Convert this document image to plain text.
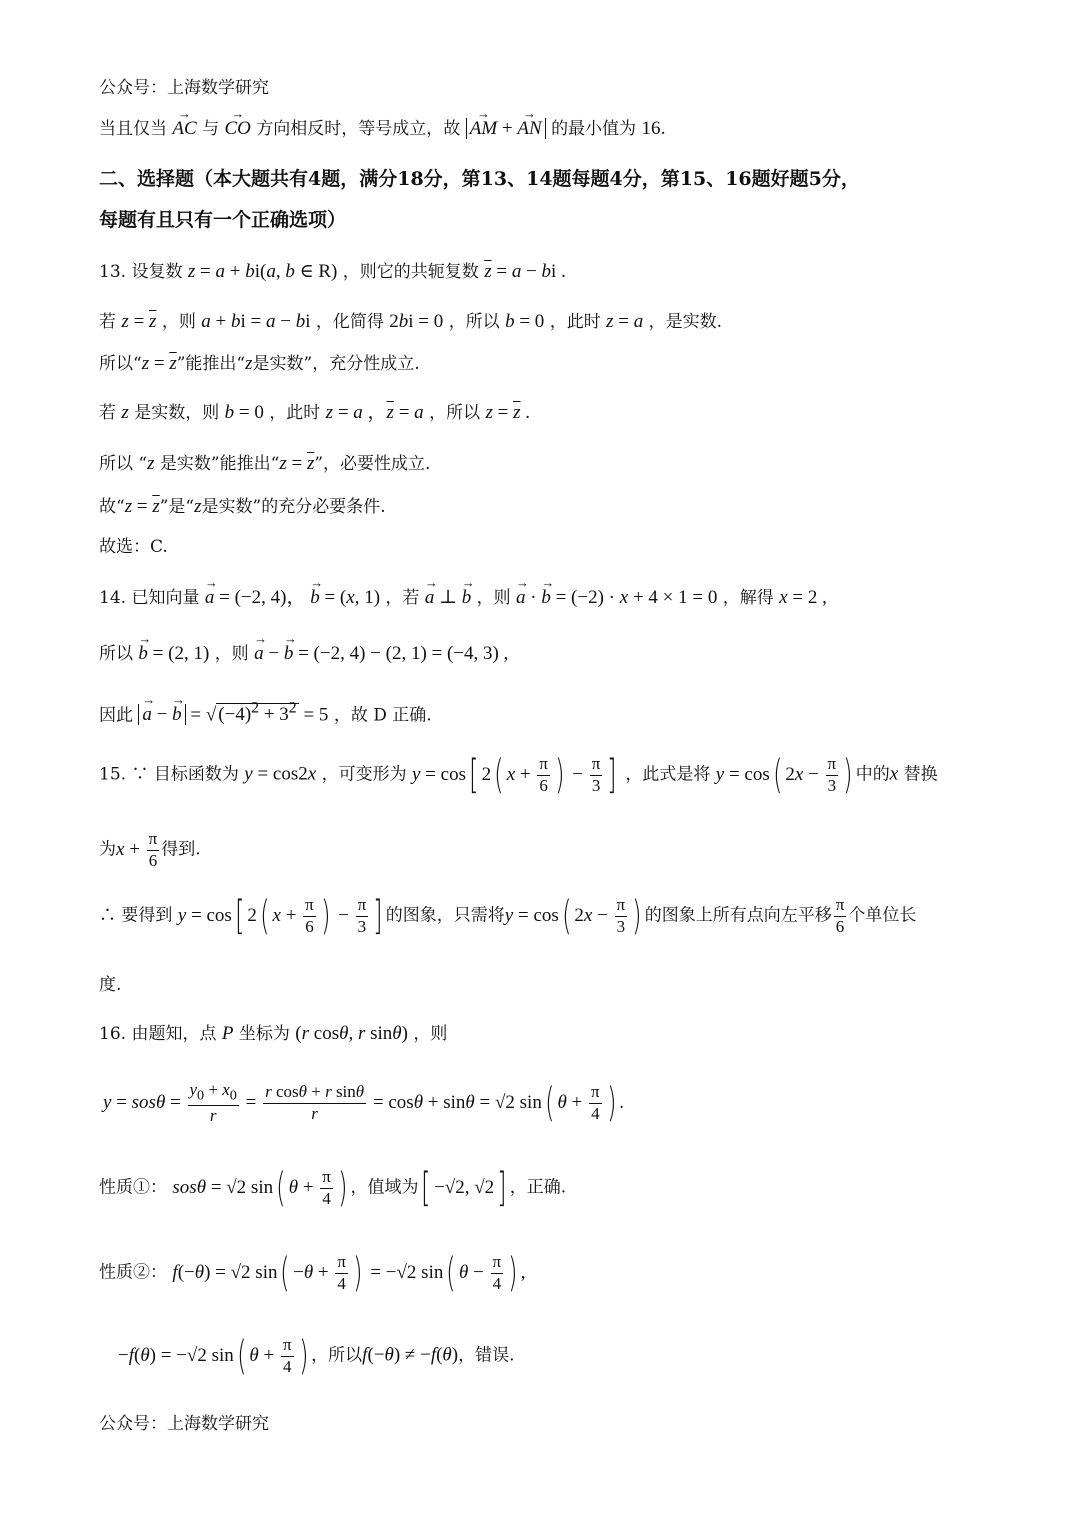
公众号：上海数学研究
当且仅当 → AC 与 → CO 方向相反时，等号成立，故 → AM + → AN 的最小值为 16.
二、选择题（本大题共有4题，满分18分，第13、14题每题4分，第15、16题好题5分，
每题有且只有一个正确选项）
13. 设复数 z = a + bi(a, b ∈ R) ，则它的共轭复数 $\overline{z} = a$ − bi .
若 $z = \overline{z}$ ，则 a + bi = a − bi ，化简得 2bi = 0 ，所以 b = 0 ，此时 z = a ，是实数.
所以“$z = \overline{z}$”能推出“z是实数”，充分性成立.
若 z 是实数，则 b = 0 ，此时 z = a ，$\overline{z} = a$ ，所以 $z = \overline{z}$ .
所以 “z 是实数”能推出“$z = \overline{z}$”，必要性成立.
故“$z = \overline{z}$”是“z是实数”的充分必要条件.
故选：C.
14. 已知向量 → a = (−2, 4)， → b = (x, 1) ，若 → a ⊥ → b ，则 → a · → b = (−2) · x + 4 × 1 = 0 ，解得 x = 2 ,
所以 → b = (2, 1) ，则 → a − → b = (−2, 4) − (2, 1) = (−4, 3) ,
因此 → a − → b = √ $(-4)^2 + 3^2 = 5$ ，故 D 正确.
15. ∵ 目标函数为 y = cos2x ，可变形为 y = cos[ 2( $x + \frac{\pi}{6}$ ) − $\frac{\pi}{3}$ ] ，此式是将 y = cos( $2x - \frac{\pi}{3}$ ) 中的x 替换
为$x + \frac{\pi}{6}$ 得到.
∴ 要得到 y = cos[ 2( $x + \frac{\pi}{6}$ ) − $\frac{\pi}{3}$ ] 的图象，只需将y = cos( $2x - \frac{\pi}{3}$ ) 的图象上所有点向左平移 $\frac{\pi}{6}$ 个单位长
度.
16. 由题知，点 P 坐标为 (r cosθ, r sinθ) ，则
$y = sos\theta = \frac{y_0 + x_0}{r} = \frac{\text{r cosθ + r sinθ}}{r} = \cos\theta + \sin\theta = √2$ sin( $\theta + \frac{\pi}{4}$ ) .
性质①： sosθ = √2 sin( $\theta + \frac{\pi}{4}$ ) ，值域为[ −√2, √2] ，正确.
性质②： f(−θ) = √2 $\sin( -\theta + \frac{\pi}{4}$ ) = −√2 sin( $\theta - \frac{\pi}{4}$ ) ,
−f(θ) = −√2 sin( $\theta + \frac{\pi}{4}$ ) ，所以f(−θ) ≠ −f(θ)，错误.
公众号：上海数学研究
